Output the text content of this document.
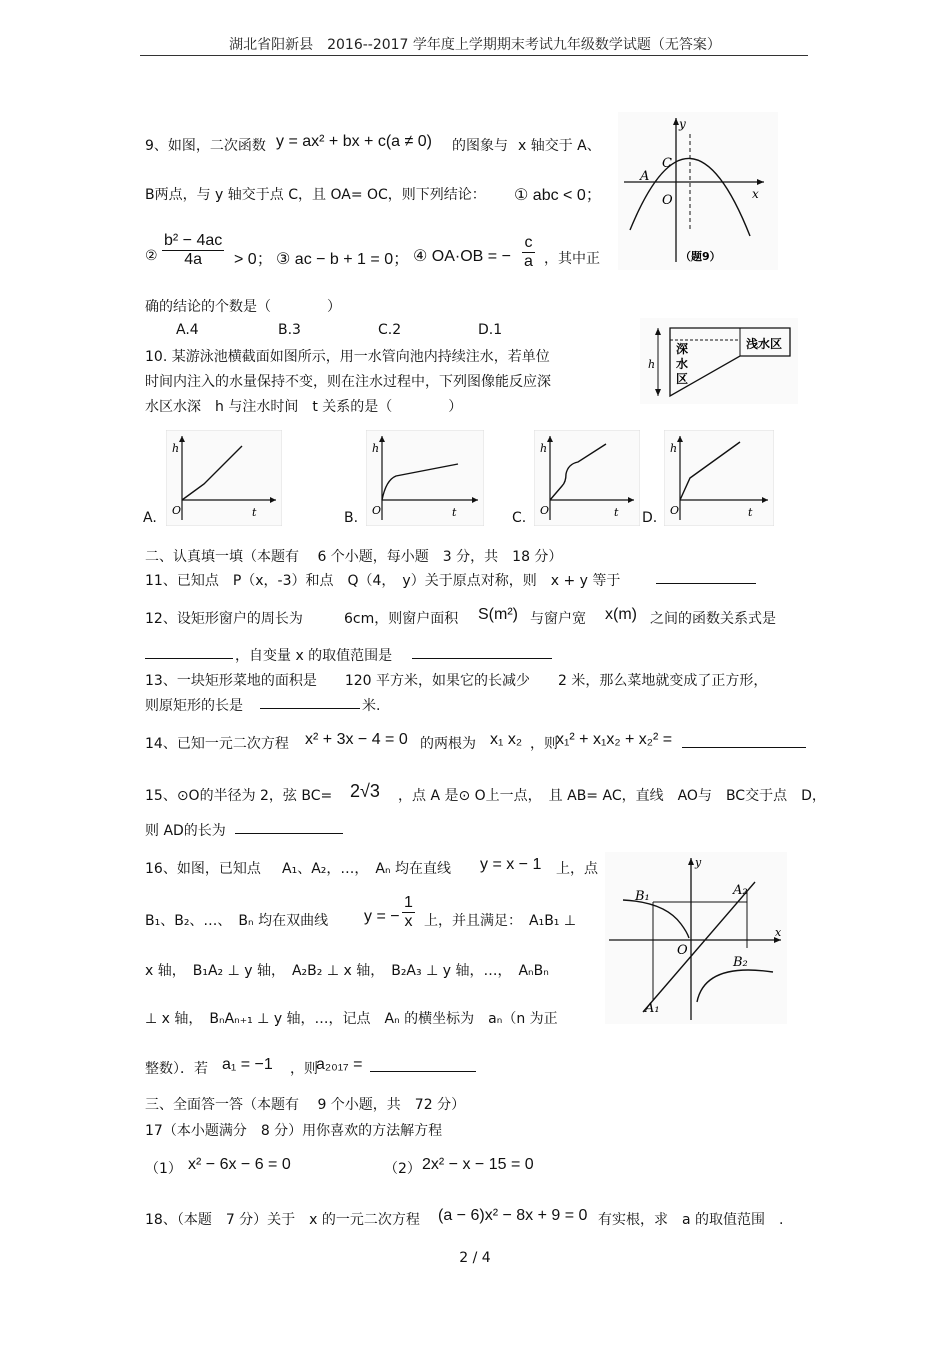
湖北省阳新县　2016--2017 学年度上学期期末考试九年级数学试题（无答案）
9、如图，二次函数 y = ax² + bx + c(a ≠ 0) 的图象与 x 轴交于 A、
B两点，与 y 轴交于点 C，且 OA= OC，则下列结论： ① abc < 0；
② $\frac{\text{b² − 4ac}}{4a} > 0$； ③ ac − b + 1 = 0； ④ OA·OB = − $\frac{c}{a}$ ，其中正
确的结论的个数是（　　　　）
A.4	B.3	C.2	D.1
y
x
C
A
O
（题9）
10. 某游泳池横截面如图所示，用一水管向池内持续注水，若单位
时间内注入的水量保持不变，则在注水过程中，下列图像能反应深
水区水深　h 与注水时间　t 关系的是（　　　　）
h
深
水
区
浅水区
A.
h
O	t	B.
h
O	t	C.
h
O	t D.
h
O	t
二、认真填一填（本题有　 6 个小题，每小题　3 分，共　18 分）
11、已知点　P（x，-3）和点　Q（4，　y）关于原点对称，则　x + y 等于
12、设矩形窗户的周长为	6cm，则窗户面积 S(m²) 与窗户宽 x(m) 之间的函数关系式是
，自变量 x 的取值范围是
13、一块矩形菜地的面积是　　120 平方米，如果它的长减少　　2 米，那么菜地就变成了正方形，
则原矩形的长是	米.
14、已知一元二次方程 x² + 3x − 4 = 0 的两根为 x₁ x₂ ，则
x₁² + x₁x₂ + x₂² =
15、⊙O的半径为 2，弦 BC= 2√3 ，点 A 是⊙ O上一点，　且 AB= AC，直线　AO与　BC交于点　D，
则 AD的长为
16、如图，已知点 A₁、A₂，…，　Aₙ 均在直线 y = x − 1 上，点
B₁、B₂、…、　Bₙ 均在双曲线 y = − $\frac{1}{x}$ 上，并且满足：　A₁B₁ ⊥
x 轴，　B₁A₂ ⊥ y 轴，　A₂B₂ ⊥ x 轴，　B₂A₃ ⊥ y 轴，…，　AₙBₙ
⊥ x 轴，　BₙAₙ₊₁ ⊥ y 轴，…，记点　Aₙ 的横坐标为　aₙ（n 为正
整数）．若 a₁ = −1 ，则
a₂₀₁₇ =
B₁	A₂
O
B₂
A₁
x
y
三、全面答一答（本题有　 9 个小题，共　72 分）
17（本小题满分　8 分）用你喜欢的方法解方程
（1） x² − 6x − 6 = 0	（2） 2x² − x − 15 = 0
18、（本题　7 分）关于　x 的一元二次方程 (a − 6)x² − 8x + 9 = 0 有实根，求　a 的取值范围　.
2 / 4
